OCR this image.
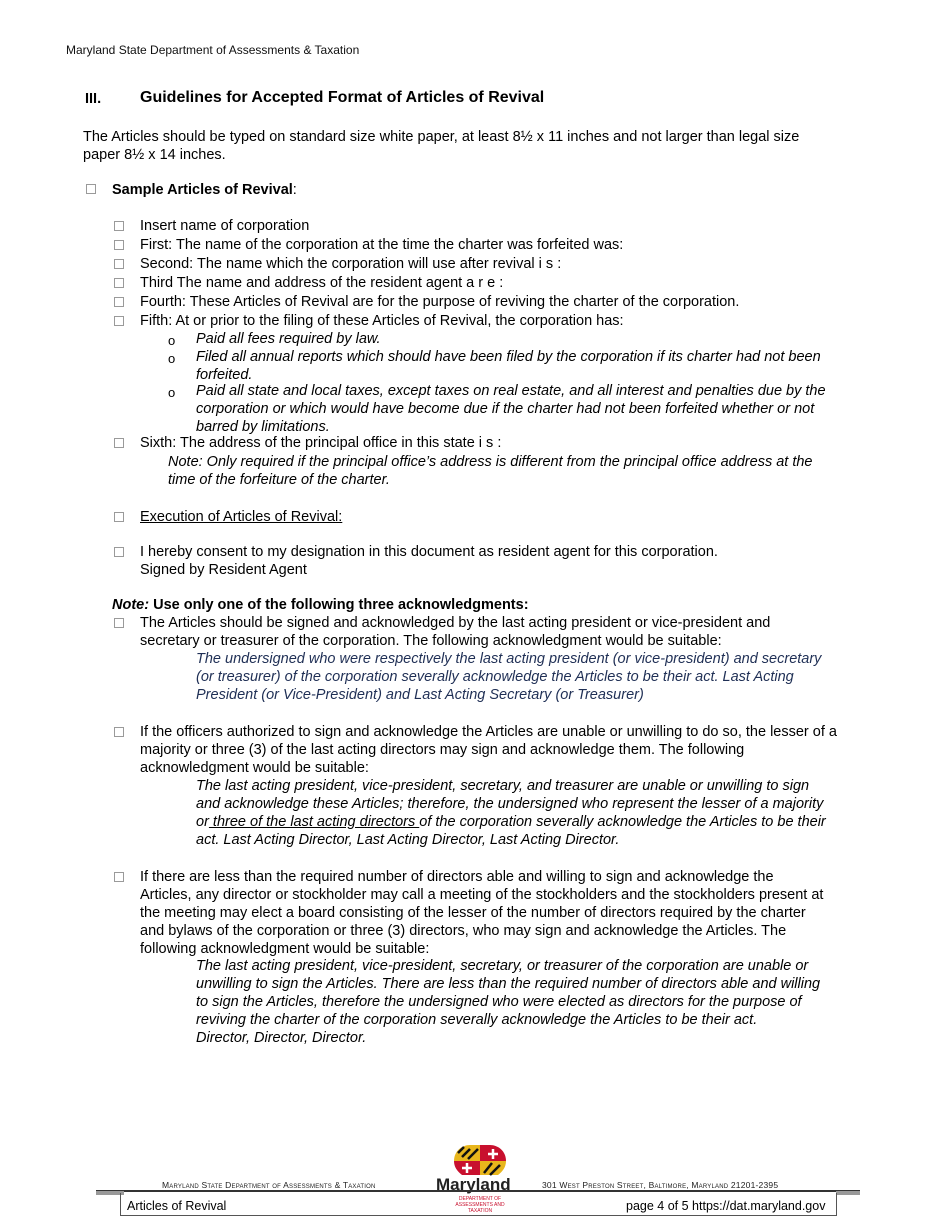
Maryland State Department of Assessments & Taxation
III. Guidelines for Accepted Format of Articles of Revival
The Articles should be typed on standard size white paper, at least 8½ x 11 inches and not larger than legal size
paper 8½ x 14 inches.
Sample Articles of Revival:
Insert name of corporation
First: The name of the corporation at the time the charter was forfeited was:
Second: The name which the corporation will use after revival i s :
Third The name and address of the resident agent a r e :
Fourth: These Articles of Revival are for the purpose of reviving the charter of the corporation.
Fifth: At or prior to the filing of these Articles of Revival, the corporation has:
o Paid all fees required by law.
o Filed all annual reports which should have been filed by the corporation if its charter had not been
forfeited.
o Paid all state and local taxes, except taxes on real estate, and all interest and penalties due by the
corporation or which would have become due if the charter had not been forfeited whether or not
barred by limitations.
Sixth: The address of the principal office in this state i s :
Note: Only required if the principal office’s address is different from the principal office address at the
time of the forfeiture of the charter.
Execution of Articles of Revival:
I hereby consent to my designation in this document as resident agent for this corporation.
Signed by Resident Agent
Note: Use only one of the following three acknowledgments:
The Articles should be signed and acknowledged by the last acting president or vice-president and
secretary or treasurer of the corporation. The following acknowledgment would be suitable:
The undersigned who were respectively the last acting president (or vice-president) and secretary
(or treasurer) of the corporation severally acknowledge the Articles to be their act. Last Acting
President (or Vice-President) and Last Acting Secretary (or Treasurer)
If the officers authorized to sign and acknowledge the Articles are unable or unwilling to do so, the lesser of a
majority or three (3) of the last acting directors may sign and acknowledge them. The following
acknowledgment would be suitable:
The last acting president, vice-president, secretary, and treasurer are unable or unwilling to sign
and acknowledge these Articles; therefore, the undersigned who represent the lesser of a majority
or three of the last acting directors of the corporation severally acknowledge the Articles to be their
act. Last Acting Director, Last Acting Director, Last Acting Director.
If there are less than the required number of directors able and willing to sign and acknowledge the
Articles, any director or stockholder may call a meeting of the stockholders and the stockholders present at
the meeting may elect a board consisting of the lesser of the number of directors required by the charter
and bylaws of the corporation or three (3) directors, who may sign and acknowledge the Articles. The
following acknowledgment would be suitable:
The last acting president, vice-president, secretary, or treasurer of the corporation are unable or
unwilling to sign the Articles. There are less than the required number of directors able and willing
to sign the Articles, therefore the undersigned who were elected as directors for the purpose of
reviving the charter of the corporation severally acknowledge the Articles to be their act.
Director, Director, Director.
Maryland State Department of Assessments & Taxation	301 West Preston Street, Baltimore, Maryland 21201-2395
Maryland
DEPARTMENT OF
ASSESSMENTS AND TAXATION
Articles of Revival	page 4 of 5 https://dat.maryland.gov
